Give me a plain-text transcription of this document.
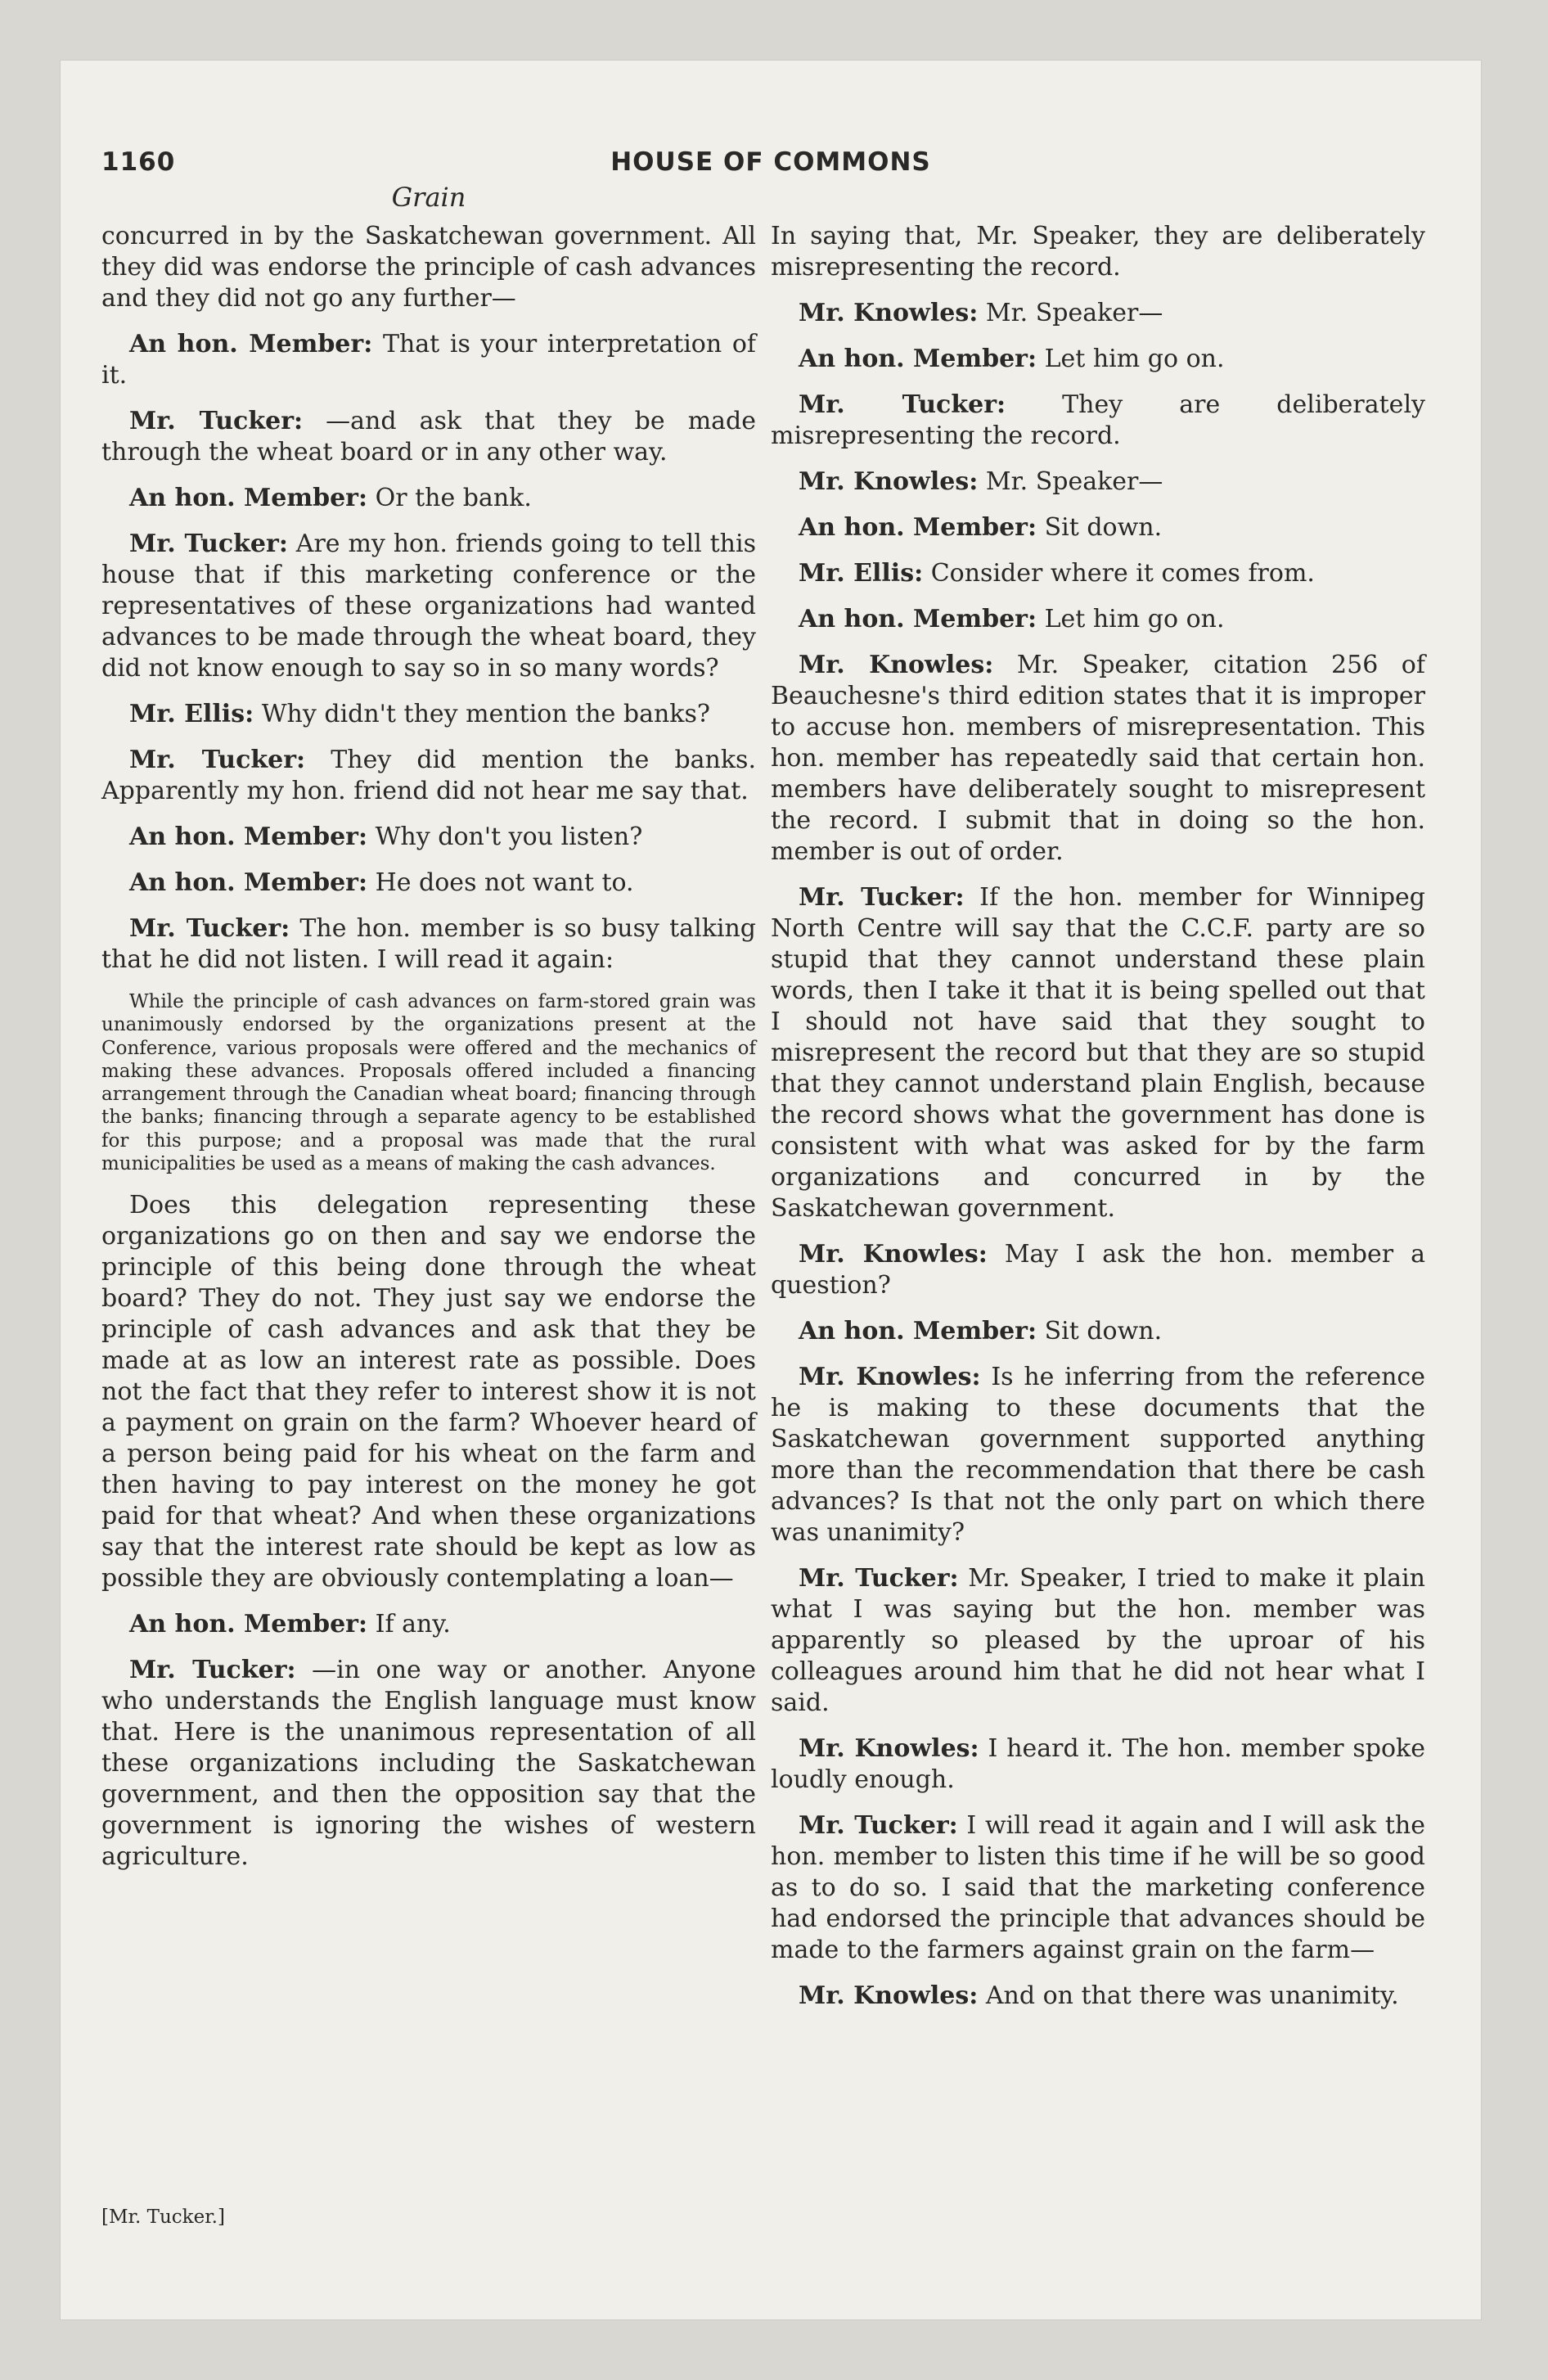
1160	HOUSE OF COMMONS
Grain

concurred in by the Saskatchewan government. All they did was endorse the principle of cash advances and they did not go any further—

An hon. Member: That is your interpretation of it.

Mr. Tucker: —and ask that they be made through the wheat board or in any other way.

An hon. Member: Or the bank.

Mr. Tucker: Are my hon. friends going to tell this house that if this marketing conference or the representatives of these organizations had wanted advances to be made through the wheat board, they did not know enough to say so in so many words?

Mr. Ellis: Why didn't they mention the banks?

Mr. Tucker: They did mention the banks. Apparently my hon. friend did not hear me say that.

An hon. Member: Why don't you listen?

An hon. Member: He does not want to.

Mr. Tucker: The hon. member is so busy talking that he did not listen. I will read it again:

While the principle of cash advances on farm-stored grain was unanimously endorsed by the organizations present at the Conference, various proposals were offered and the mechanics of making these advances. Proposals offered included a financing arrangement through the Canadian wheat board; financing through the banks; financing through a separate agency to be established for this purpose; and a proposal was made that the rural municipalities be used as a means of making the cash advances.

Does this delegation representing these organizations go on then and say we endorse the principle of this being done through the wheat board? They do not. They just say we endorse the principle of cash advances and ask that they be made at as low an interest rate as possible. Does not the fact that they refer to interest show it is not a payment on grain on the farm? Whoever heard of a person being paid for his wheat on the farm and then having to pay interest on the money he got paid for that wheat? And when these organizations say that the interest rate should be kept as low as possible they are obviously contemplating a loan—

An hon. Member: If any.

Mr. Tucker: —in one way or another. Anyone who understands the English language must know that. Here is the unanimous representation of all these organizations including the Saskatchewan government, and then the opposition say that the government is ignoring the wishes of western agriculture.

In saying that, Mr. Speaker, they are deliberately misrepresenting the record.

Mr. Knowles: Mr. Speaker—

An hon. Member: Let him go on.

Mr. Tucker: They are deliberately misrepresenting the record.

Mr. Knowles: Mr. Speaker—

An hon. Member: Sit down.

Mr. Ellis: Consider where it comes from.

An hon. Member: Let him go on.

Mr. Knowles: Mr. Speaker, citation 256 of Beauchesne's third edition states that it is improper to accuse hon. members of misrepresentation. This hon. member has repeatedly said that certain hon. members have deliberately sought to misrepresent the record. I submit that in doing so the hon. member is out of order.

Mr. Tucker: If the hon. member for Winnipeg North Centre will say that the C.C.F. party are so stupid that they cannot understand these plain words, then I take it that it is being spelled out that I should not have said that they sought to misrepresent the record but that they are so stupid that they cannot understand plain English, because the record shows what the government has done is consistent with what was asked for by the farm organizations and concurred in by the Saskatchewan government.

Mr. Knowles: May I ask the hon. member a question?

An hon. Member: Sit down.

Mr. Knowles: Is he inferring from the reference he is making to these documents that the Saskatchewan government supported anything more than the recommendation that there be cash advances? Is that not the only part on which there was unanimity?

Mr. Tucker: Mr. Speaker, I tried to make it plain what I was saying but the hon. member was apparently so pleased by the uproar of his colleagues around him that he did not hear what I said.

Mr. Knowles: I heard it. The hon. member spoke loudly enough.

Mr. Tucker: I will read it again and I will ask the hon. member to listen this time if he will be so good as to do so. I said that the marketing conference had endorsed the principle that advances should be made to the farmers against grain on the farm—

Mr. Knowles: And on that there was unanimity.

[Mr. Tucker.]
